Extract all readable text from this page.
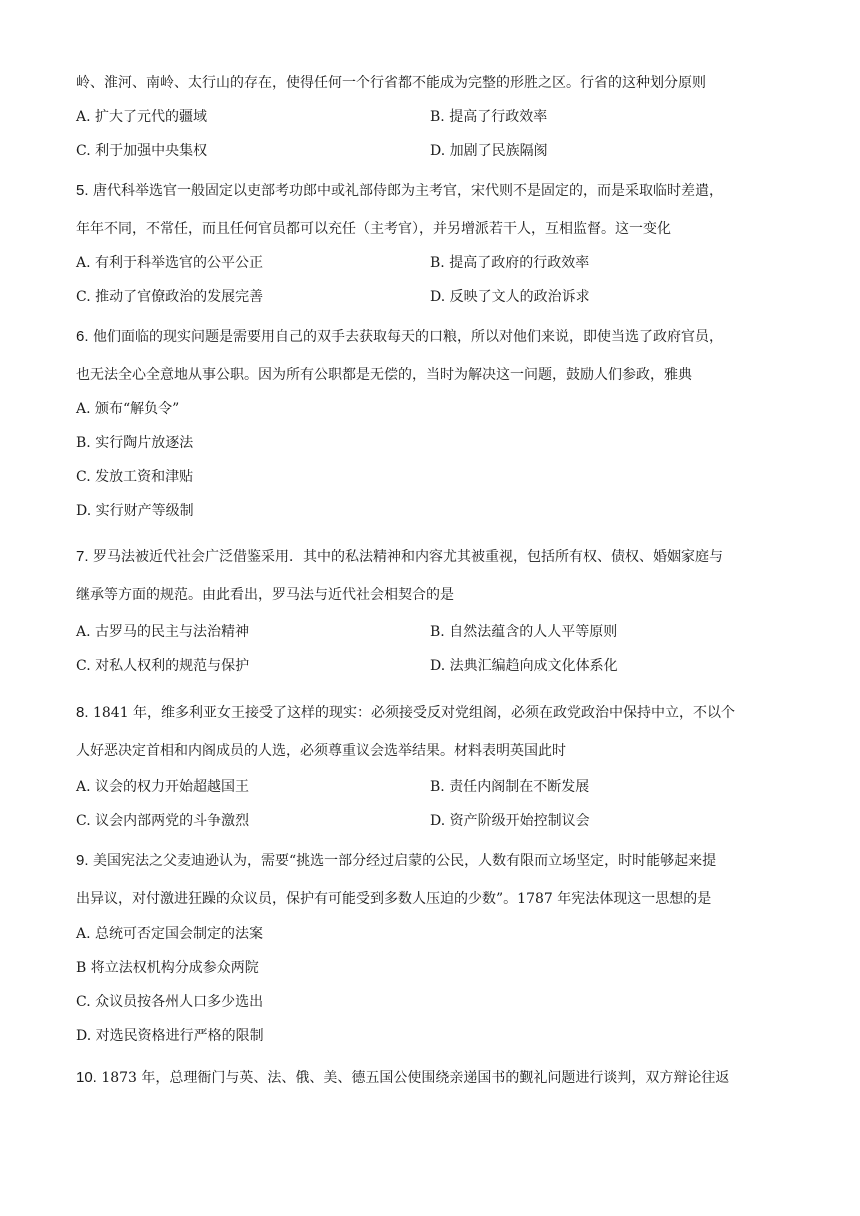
岭、淮河、南岭、太行山的存在，使得任何一个行省都不能成为完整的形胜之区。行省的这种划分原则
A. 扩大了元代的疆域	B. 提高了行政效率
C. 利于加强中央集权	D. 加剧了民族隔阂
5. 唐代科举选官一般固定以吏部考功郎中或礼部侍郎为主考官，宋代则不是固定的，而是采取临时差遣，
年年不同，不常任，而且任何官员都可以充任（主考官），并另增派若干人，互相监督。这一变化
A. 有利于科举选官的公平公正	B. 提高了政府的行政效率
C. 推动了官僚政治的发展完善	D. 反映了文人的政治诉求
6. 他们面临的现实问题是需要用自己的双手去获取每天的口粮，所以对他们来说，即使当选了政府官员，
也无法全心全意地从事公职。因为所有公职都是无偿的，当时为解决这一问题，鼓励人们参政，雅典
A. 颁布“解负令”
B. 实行陶片放逐法
C. 发放工资和津贴
D. 实行财产等级制
7. 罗马法被近代社会广泛借鉴采用．其中的私法精神和内容尤其被重视，包括所有权、债权、婚姻家庭与
继承等方面的规范。由此看出，罗马法与近代社会相契合的是
A. 古罗马的民主与法治精神	B. 自然法蕴含的人人平等原则
C. 对私人权利的规范与保护	D. 法典汇编趋向成文化体系化
8. 1841 年，维多利亚女王接受了这样的现实：必须接受反对党组阁，必须在政党政治中保持中立，不以个
人好恶决定首相和内阁成员的人选，必须尊重议会选举结果。材料表明英国此时
A. 议会的权力开始超越国王	B. 责任内阁制在不断发展
C. 议会内部两党的斗争激烈	D. 资产阶级开始控制议会
9. 美国宪法之父麦迪逊认为，需要“挑选一部分经过启蒙的公民，人数有限而立场坚定，时时能够起来提
出异议，对付激进狂躁的众议员，保护有可能受到多数人压迫的少数”。1787 年宪法体现这一思想的是
A. 总统可否定国会制定的法案
B 将立法权机构分成参众两院
C. 众议员按各州人口多少选出
D. 对选民资格进行严格的限制
10. 1873 年，总理衙门与英、法、俄、美、德五国公使围绕亲递国书的觐礼问题进行谈判，双方辩论往返
